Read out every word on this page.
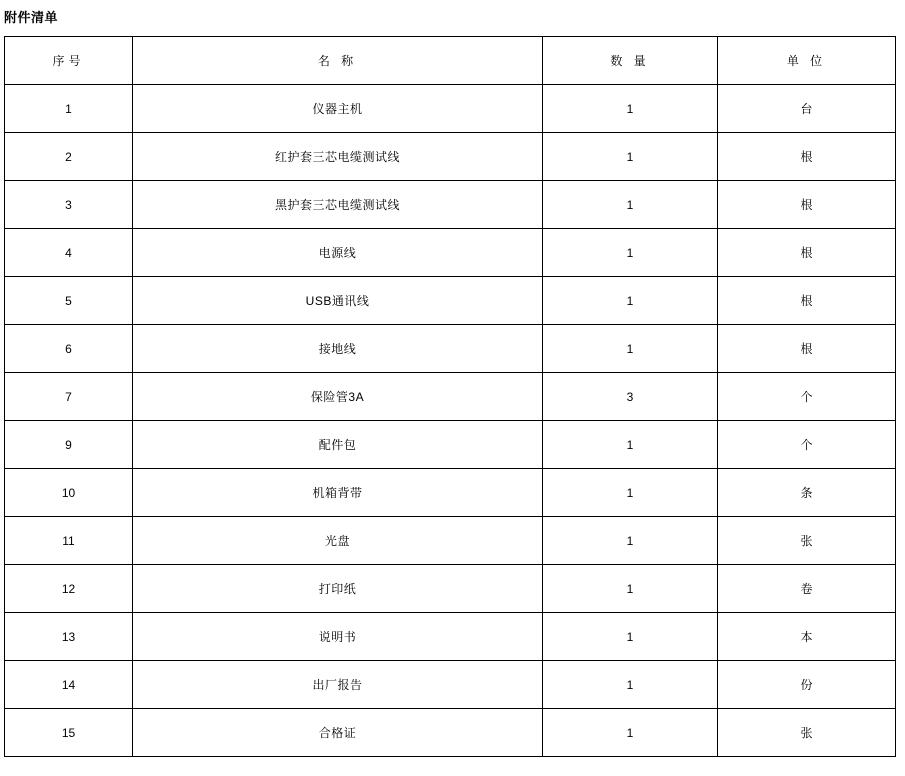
附件清单
序号	名 称	数 量	单 位
1	仪器主机	1	台
2	红护套三芯电缆测试线	1	根
3	黑护套三芯电缆测试线	1	根
4	电源线	1	根
5	USB通讯线	1	根
6	接地线	1	根
7	保险管3A	3	个
9	配件包	1	个
10	机箱背带	1	条
11	光盘	1	张
12	打印纸	1	卷
13	说明书	1	本
14	出厂报告	1	份
15	合格证	1	张
